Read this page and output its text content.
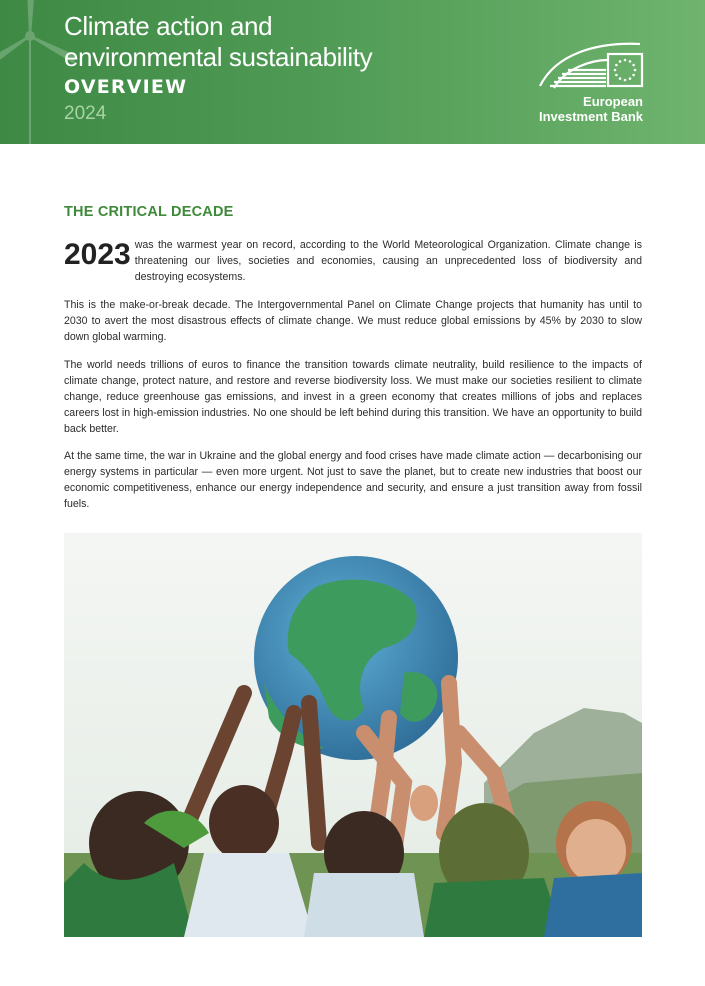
Climate action and
environmental sustainability
OVERVIEW
2024
European
Investment Bank
THE CRITICAL DECADE

2023 was the warmest year on record, according to the World Meteorological Organization. Climate change is threatening our lives, societies and economies, causing an unprecedented loss of biodiversity and destroying ecosystems.

This is the make-or-break decade. The Intergovernmental Panel on Climate Change projects that humanity has until to 2030 to avert the most disastrous effects of climate change. We must reduce global emissions by 45% by 2030 to slow down global warming.

The world needs trillions of euros to finance the transition towards climate neutrality, build resilience to the impacts of climate change, protect nature, and restore and reverse biodiversity loss. We must make our societies resilient to climate change, reduce greenhouse gas emissions, and invest in a green economy that creates millions of jobs and replaces careers lost in high-emission industries. No one should be left behind during this transition. We have an opportunity to build back better.

At the same time, the war in Ukraine and the global energy and food crises have made climate action — decarbonising our energy systems in particular — even more urgent. Not just to save the planet, but to create new industries that boost our economic competitiveness, enhance our energy independence and security, and ensure a just transition away from fossil fuels.
